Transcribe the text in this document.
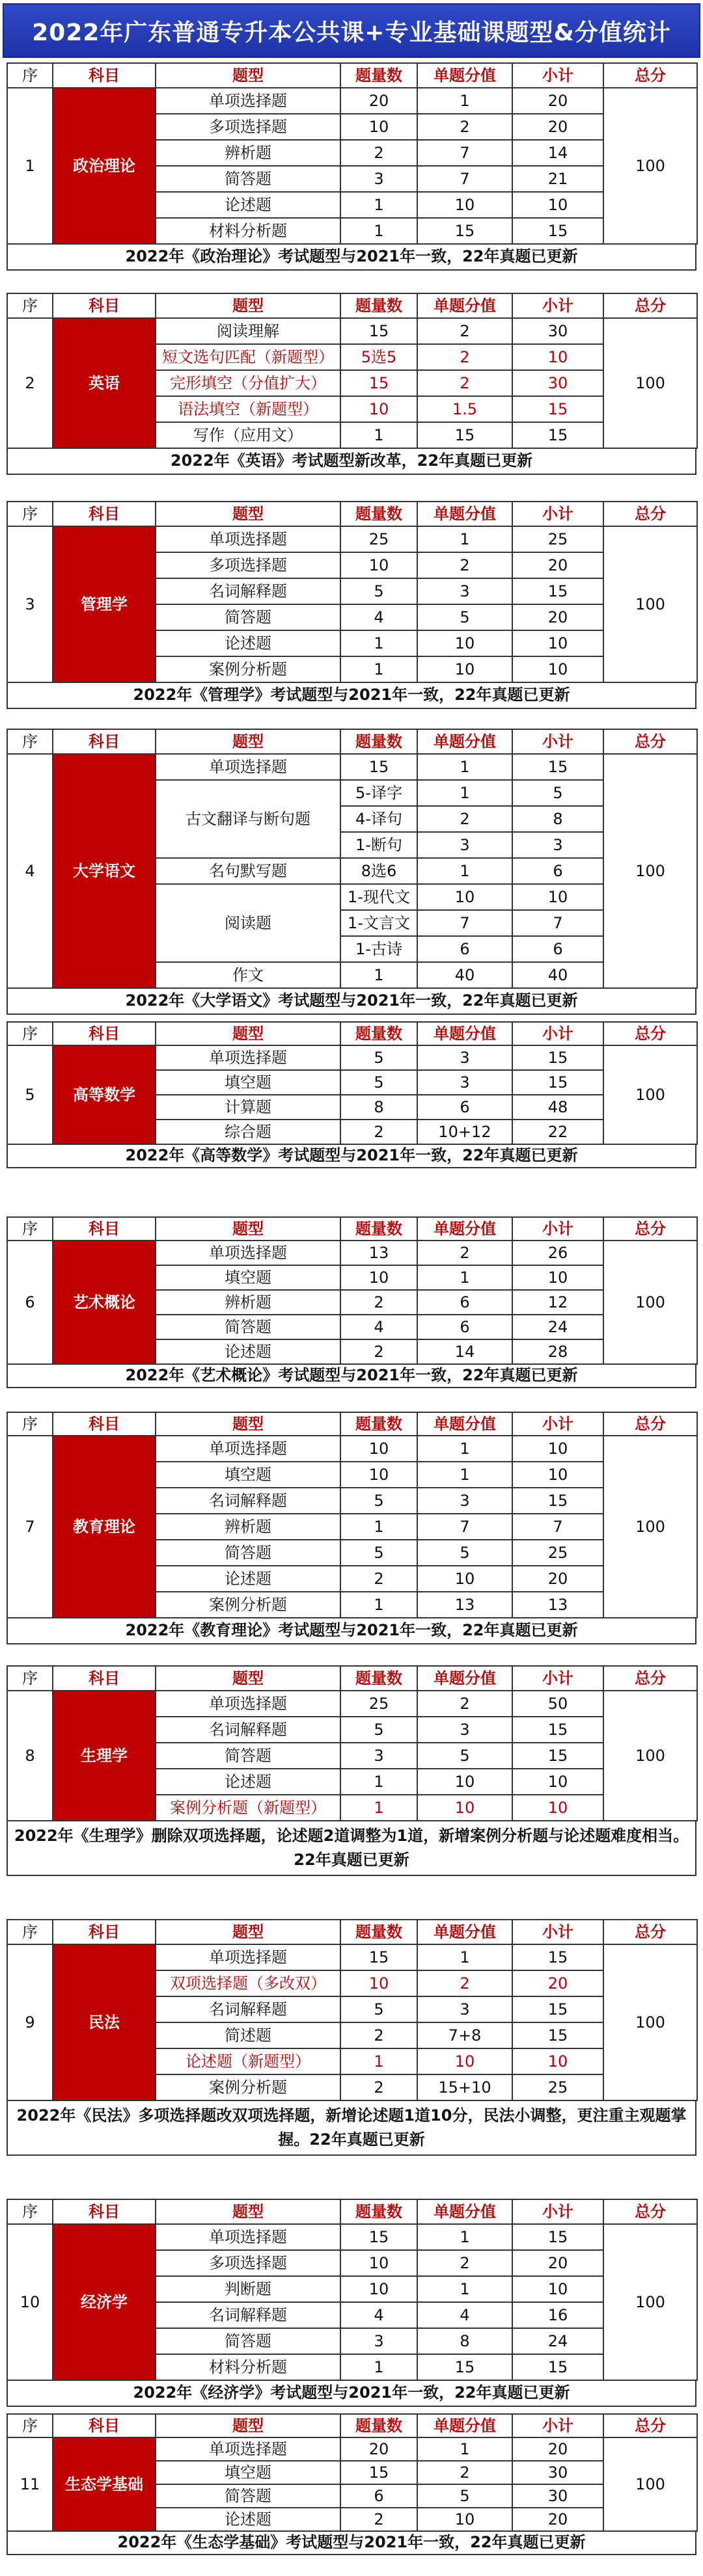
2022年广东普通专升本公共课+专业基础课题型&分值统计
序	科目	题型	题量数	单题分值	小计	总分
1	政治理论	单项选择题	20	1	20	100
		多项选择题	10	2	20	
		辨析题	2	7	14	
		简答题	3	7	21	
		论述题	1	10	10	
		材料分析题	1	15	15	
2022年《政治理论》考试题型与2021年一致，22年真题已更新
序	科目	题型	题量数	单题分值	小计	总分
2	英语	阅读理解	15	2	30	100
		短文选句匹配（新题型）	5选5	2	10	
		完形填空（分值扩大）	15	2	30	
		语法填空（新题型）	10	1.5	15	
		写作（应用文）	1	15	15	
2022年《英语》考试题型新改革，22年真题已更新
序	科目	题型	题量数	单题分值	小计	总分
3	管理学	单项选择题	25	1	25	100
		多项选择题	10	2	20	
		名词解释题	5	3	15	
		简答题	4	5	20	
		论述题	1	10	10	
		案例分析题	1	10	10	
2022年《管理学》考试题型与2021年一致，22年真题已更新
序	科目	题型	题量数	单题分值	小计	总分
4	大学语文	单项选择题	15	1	15	100
		古文翻译与断句题	5-译字	1	5	
			4-译句	2	8	
			1-断句	3	3	
		名句默写题	8选6	1	6	
		阅读题	1-现代文	10	10	
			1-文言文	7	7	
			1-古诗	6	6	
		作文	1	40	40	
2022年《大学语文》考试题型与2021年一致，22年真题已更新
序	科目	题型	题量数	单题分值	小计	总分
5	高等数学	单项选择题	5	3	15	100
		填空题	5	3	15	
		计算题	8	6	48	
		综合题	2	10+12	22	
2022年《高等数学》考试题型与2021年一致，22年真题已更新
序	科目	题型	题量数	单题分值	小计	总分
6	艺术概论	单项选择题	13	2	26	100
		填空题	10	1	10	
		辨析题	2	6	12	
		简答题	4	6	24	
		论述题	2	14	28	
2022年《艺术概论》考试题型与2021年一致，22年真题已更新
序	科目	题型	题量数	单题分值	小计	总分
7	教育理论	单项选择题	10	1	10	100
		填空题	10	1	10	
		名词解释题	5	3	15	
		辨析题	1	7	7	
		简答题	5	5	25	
		论述题	2	10	20	
		案例分析题	1	13	13	
2022年《教育理论》考试题型与2021年一致，22年真题已更新
序	科目	题型	题量数	单题分值	小计	总分
8	生理学	单项选择题	25	2	50	100
		名词解释题	5	3	15	
		简答题	3	5	15	
		论述题	1	10	10	
		案例分析题（新题型）	1	10	10	
2022年《生理学》删除双项选择题，论述题2道调整为1道，新增案例分析题与论述题难度相当。22年真题已更新
序	科目	题型	题量数	单题分值	小计	总分
9	民法	单项选择题	15	1	15	100
		双项选择题（多改双）	10	2	20	
		名词解释题	5	3	15	
		简述题	2	7+8	15	
		论述题（新题型）	1	10	10	
		案例分析题	2	15+10	25	
2022年《民法》多项选择题改双项选择题，新增论述题1道10分，民法小调整，更注重主观题掌握。22年真题已更新
序	科目	题型	题量数	单题分值	小计	总分
10	经济学	单项选择题	15	1	15	100
		多项选择题	10	2	20	
		判断题	10	1	10	
		名词解释题	4	4	16	
		简答题	3	8	24	
		材料分析题	1	15	15	
2022年《经济学》考试题型与2021年一致，22年真题已更新
序	科目	题型	题量数	单题分值	小计	总分
11	生态学基础	单项选择题	20	1	20	100
		填空题	15	2	30	
		简答题	6	5	30	
		论述题	2	10	20	
2022年《生态学基础》考试题型与2021年一致，22年真题已更新
